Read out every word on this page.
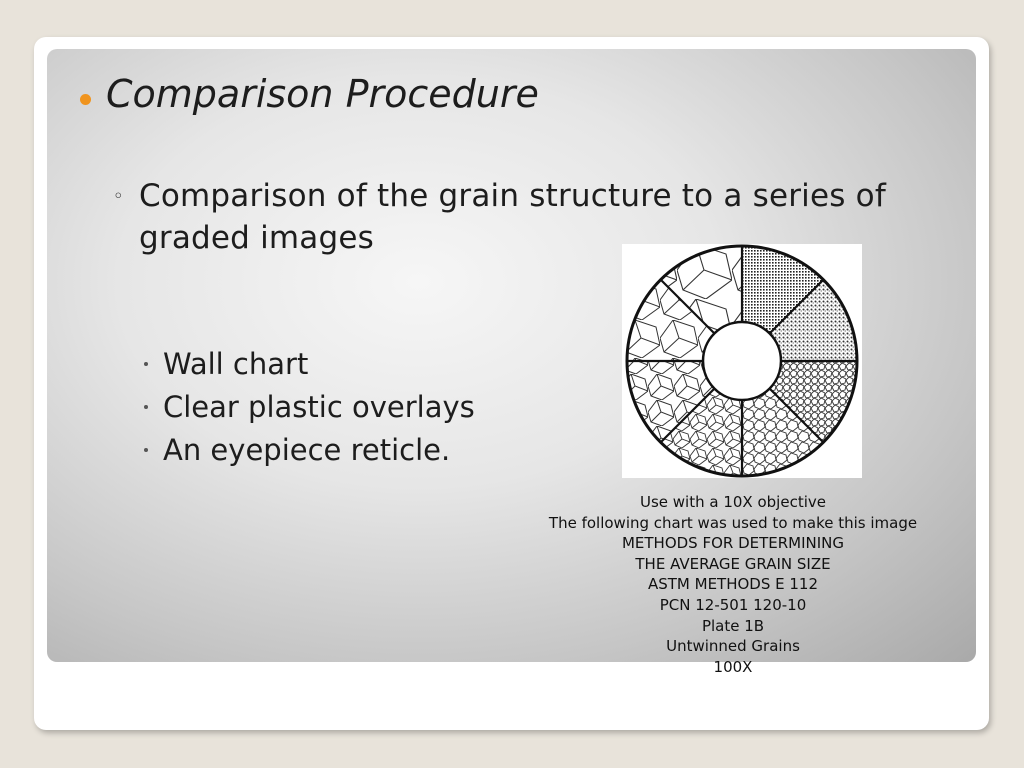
Comparison Procedure
◦ Comparison of the grain structure to a series of graded images
Wall chart
Clear plastic overlays
An eyepiece reticle.
Use with a 10X objective
The following chart was used to make this image
METHODS FOR DETERMINING
THE AVERAGE GRAIN SIZE
ASTM METHODS E 112
PCN 12-501 120-10
Plate 1B
Untwinned Grains
100X
